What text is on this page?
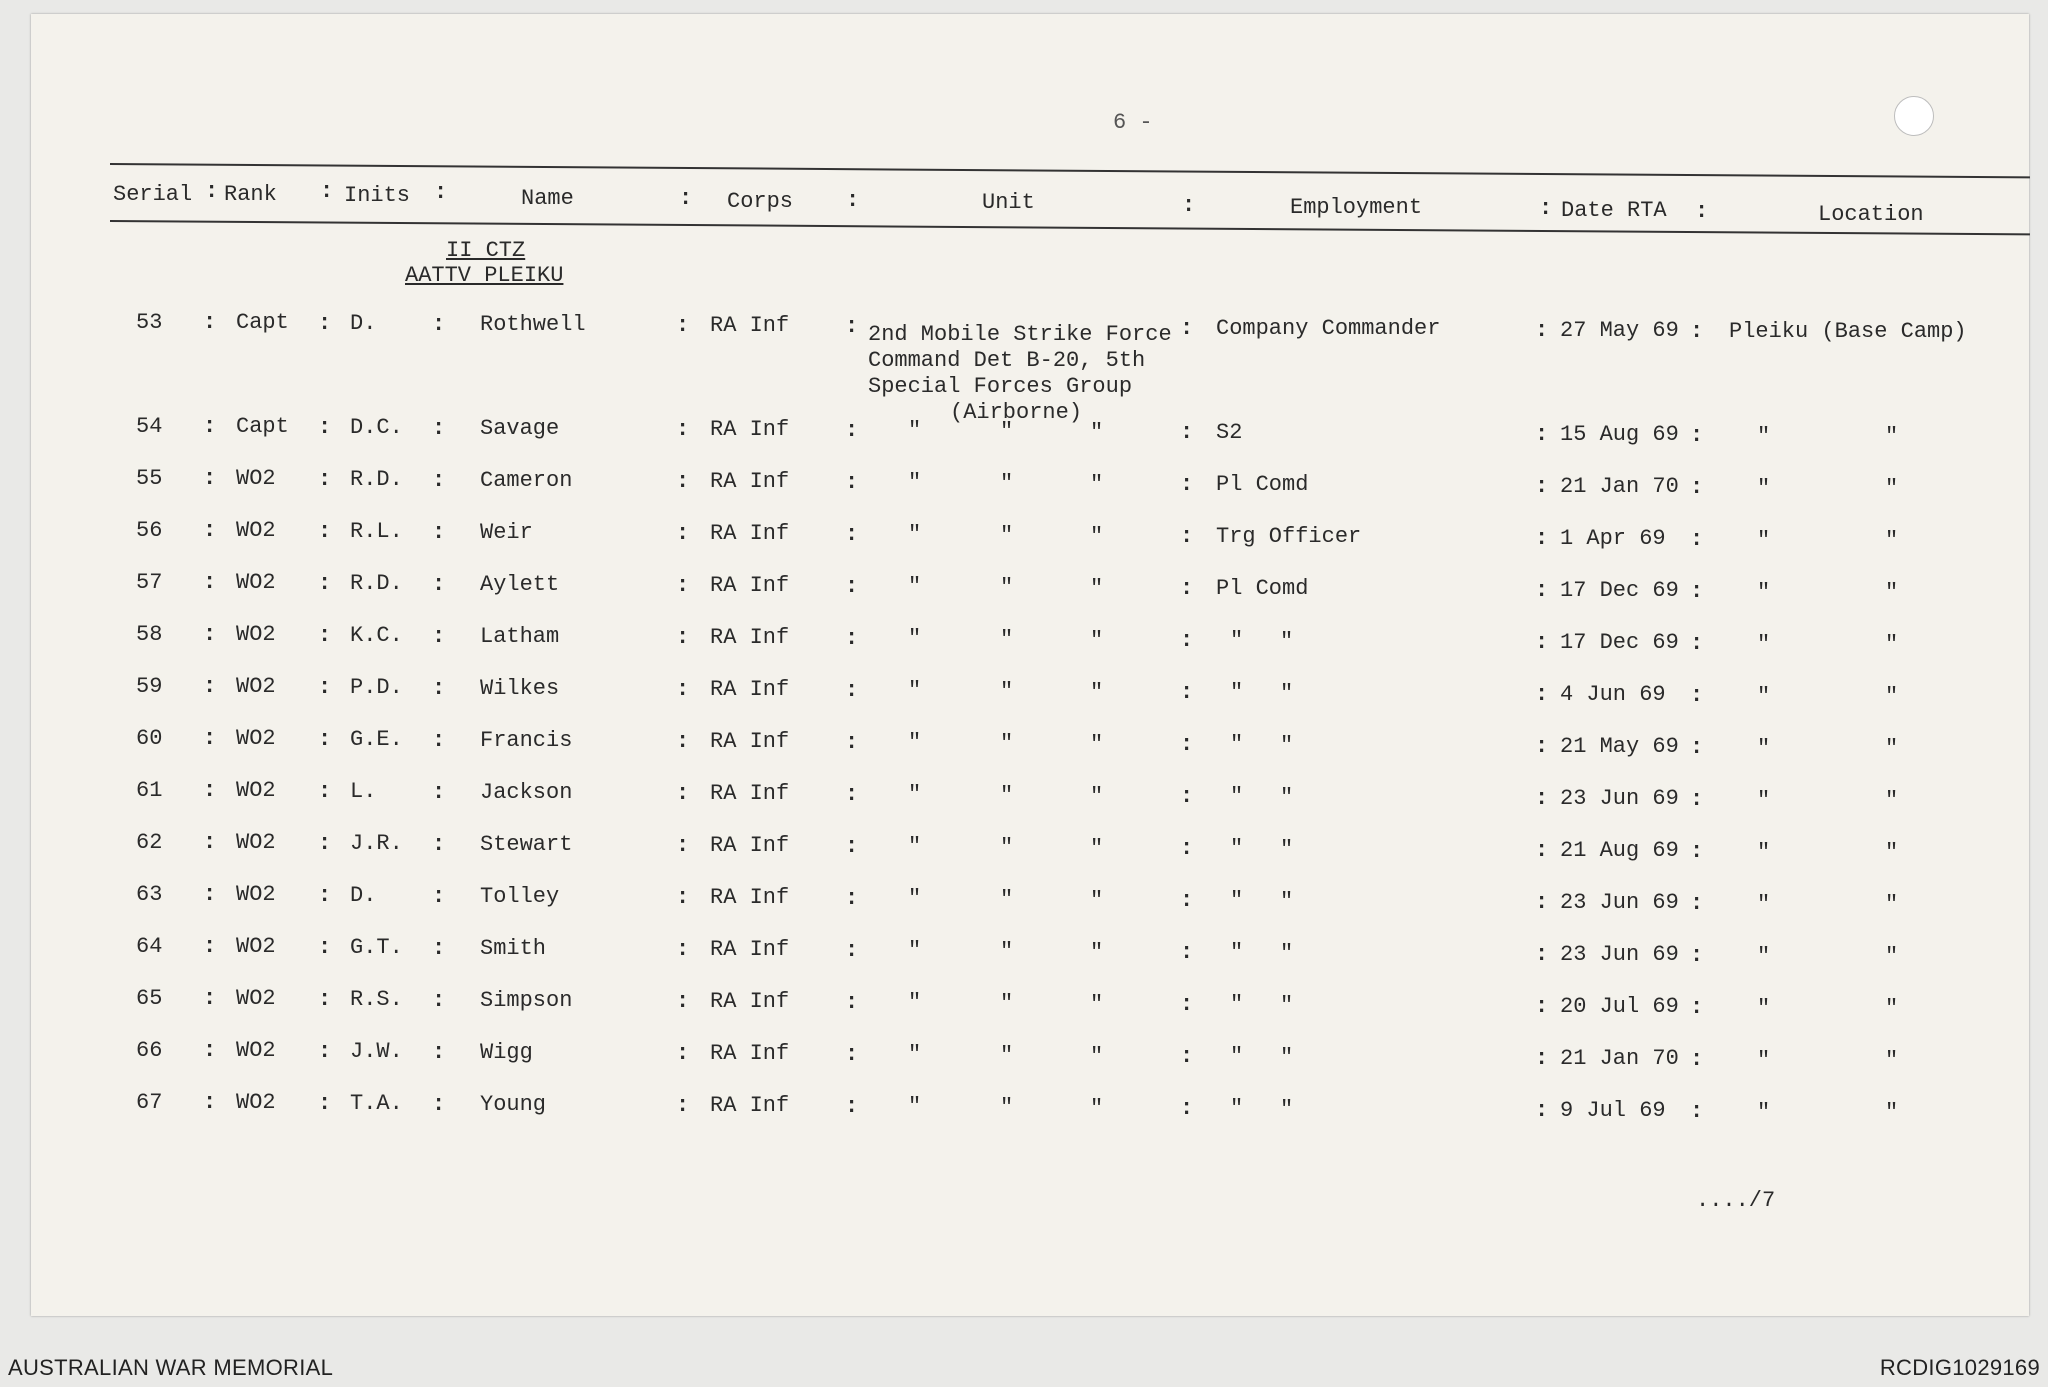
6 -
Serial Rank	Inits	Name	Corps	Unit	Employment	Date RTA	Location
:	:	:	:	:	:	:	:
II CTZ
AATTV PLEIKU
2nd Mobile Strike Force
Command Det B-20, 5th
Special Forces Group
(Airborne)
53 : Capt : D.	: Rothwell	: RA Inf	:	: Company Commander	: 27 May 69 : Pleiku (Base Camp)
54 : Capt : D.C. : Savage	: RA Inf	: "	"	"	: S2	: 15 Aug 69 : "	"
55 : WO2 : R.D. : Cameron	: RA Inf	: "	"	"	: Pl Comd	: 21 Jan 70 : "	"
56 : WO2 : R.L. : Weir	: RA Inf	: "	"	"	: Trg Officer	: 1 Apr 69 : "	"
57 : WO2 : R.D. : Aylett	: RA Inf	: "	"	"	: Pl Comd	: 17 Dec 69 : "	"
58 : WO2 : K.C. : Latham	: RA Inf	: "	"	"	: " "	: 17 Dec 69 : "	"
59 : WO2 : P.D. : Wilkes	: RA Inf	: "	"	"	: " "	: 4 Jun 69 : "	"
60 : WO2 : G.E. : Francis	: RA Inf	: "	"	"	: " "	: 21 May 69 : "	"
61 : WO2 : L.	: Jackson	: RA Inf	: "	"	"	: " "	: 23 Jun 69 : "	"
62 : WO2 : J.R. : Stewart	: RA Inf	: "	"	"	: " "	: 21 Aug 69 : "	"
63 : WO2 : D.	: Tolley	: RA Inf	: "	"	"	: " "	: 23 Jun 69 : "	"
64 : WO2 : G.T. : Smith	: RA Inf	: "	"	"	: " "	: 23 Jun 69 : "	"
65 : WO2 : R.S. : Simpson	: RA Inf	: "	"	"	: " "	: 20 Jul 69 : "	"
66 : WO2 : J.W. : Wigg	: RA Inf	: "	"	"	: " "	: 21 Jan 70 : "	"
67 : WO2 : T.A. : Young	: RA Inf	: "	"	"	: " "	: 9 Jul 69 : "	"
..../7
AUSTRALIAN WAR MEMORIAL	RCDIG1029169
